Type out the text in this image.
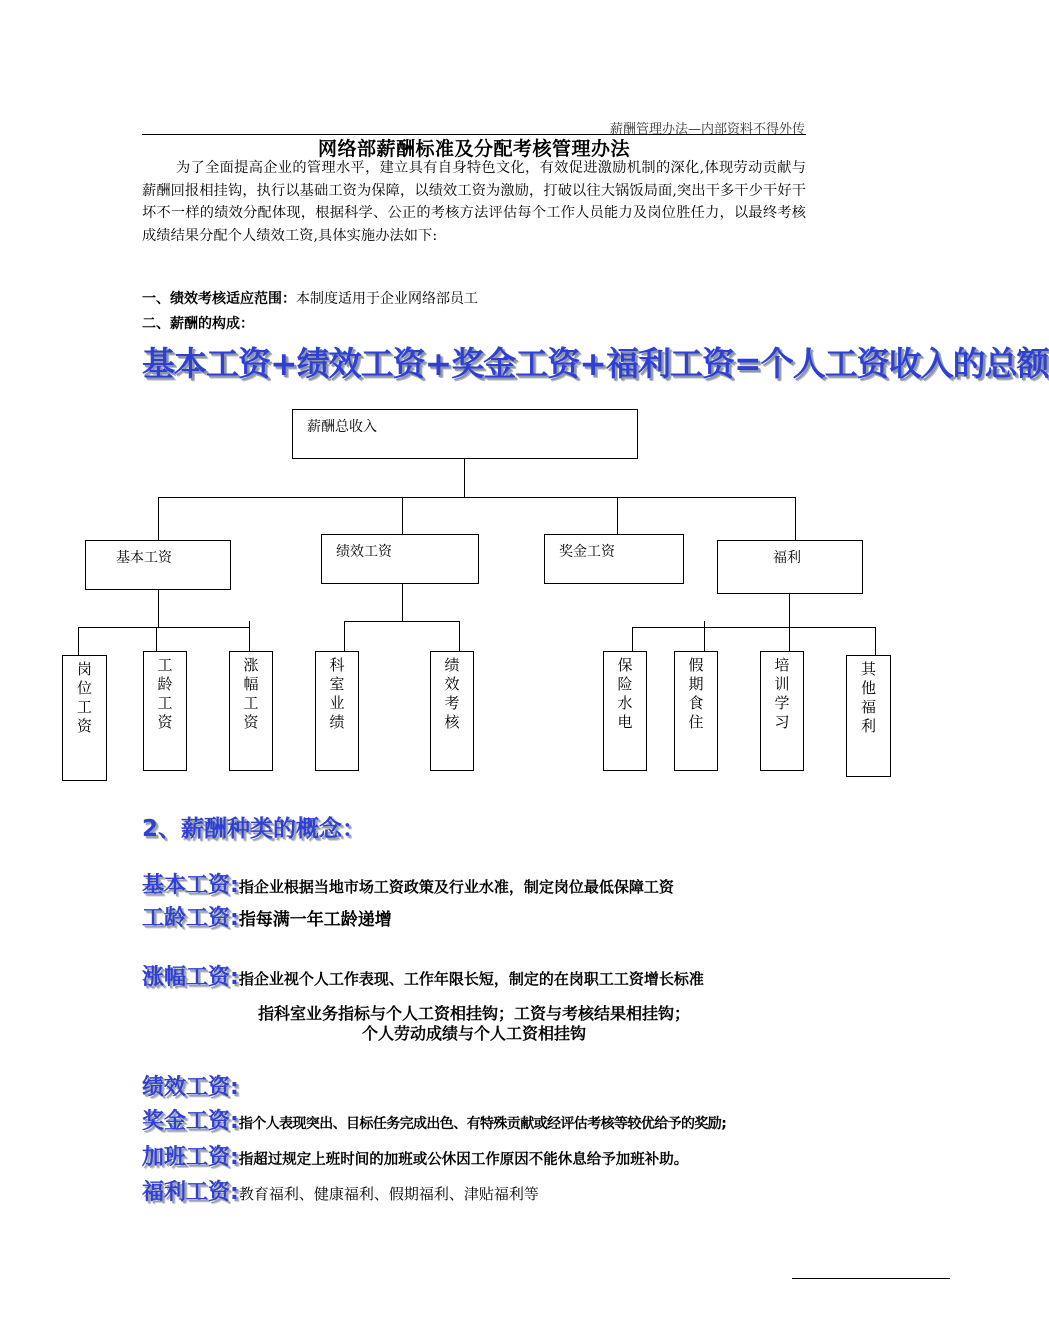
薪酬管理办法—内部资料不得外传
网络部薪酬标准及分配考核管理办法
为了全面提高企业的管理水平，建立具有自身特色文化，有效促进激励机制的深化,体现劳动贡献与薪酬回报相挂钩，执行以基础工资为保障，以绩效工资为激励，打破以往大锅饭局面,突出干多干少干好干坏不一样的绩效分配体现，根据科学、公正的考核方法评估每个工作人员能力及岗位胜任力，以最终考核成绩结果分配个人绩效工资,具体实施办法如下:
一、绩效考核适应范围：本制度适用于企业网络部员工
二、薪酬的构成：
基本工资+绩效工资+奖金工资+福利工资=个人工资收入的总额
薪酬总收入
基本工资	绩效工资	奖金工资	福利
岗
位
工
资
工
龄
工
资
涨
幅
工
资
科
室
业
绩
绩
效
考
核
保
险
水
电
假
期
食
住
培
训
学
习
其
他
福
利
2、薪酬种类的概念：
基本工资:指企业根据当地市场工资政策及行业水准，制定岗位最低保障工资
工龄工资:指每满一年工龄递增
涨幅工资:指企业视个人工作表现、工作年限长短，制定的在岗职工工资增长标准
指科室业务指标与个人工资相挂钩；工资与考核结果相挂钩；
个人劳动成绩与个人工资相挂钩
绩效工资:
奖金工资:指个人表现突出、目标任务完成出色、有特殊贡献或经评估考核等较优给予的奖励;
加班工资:指超过规定上班时间的加班或公休因工作原因不能休息给予加班补助。
福利工资:教育福利、健康福利、假期福利、津贴福利等
